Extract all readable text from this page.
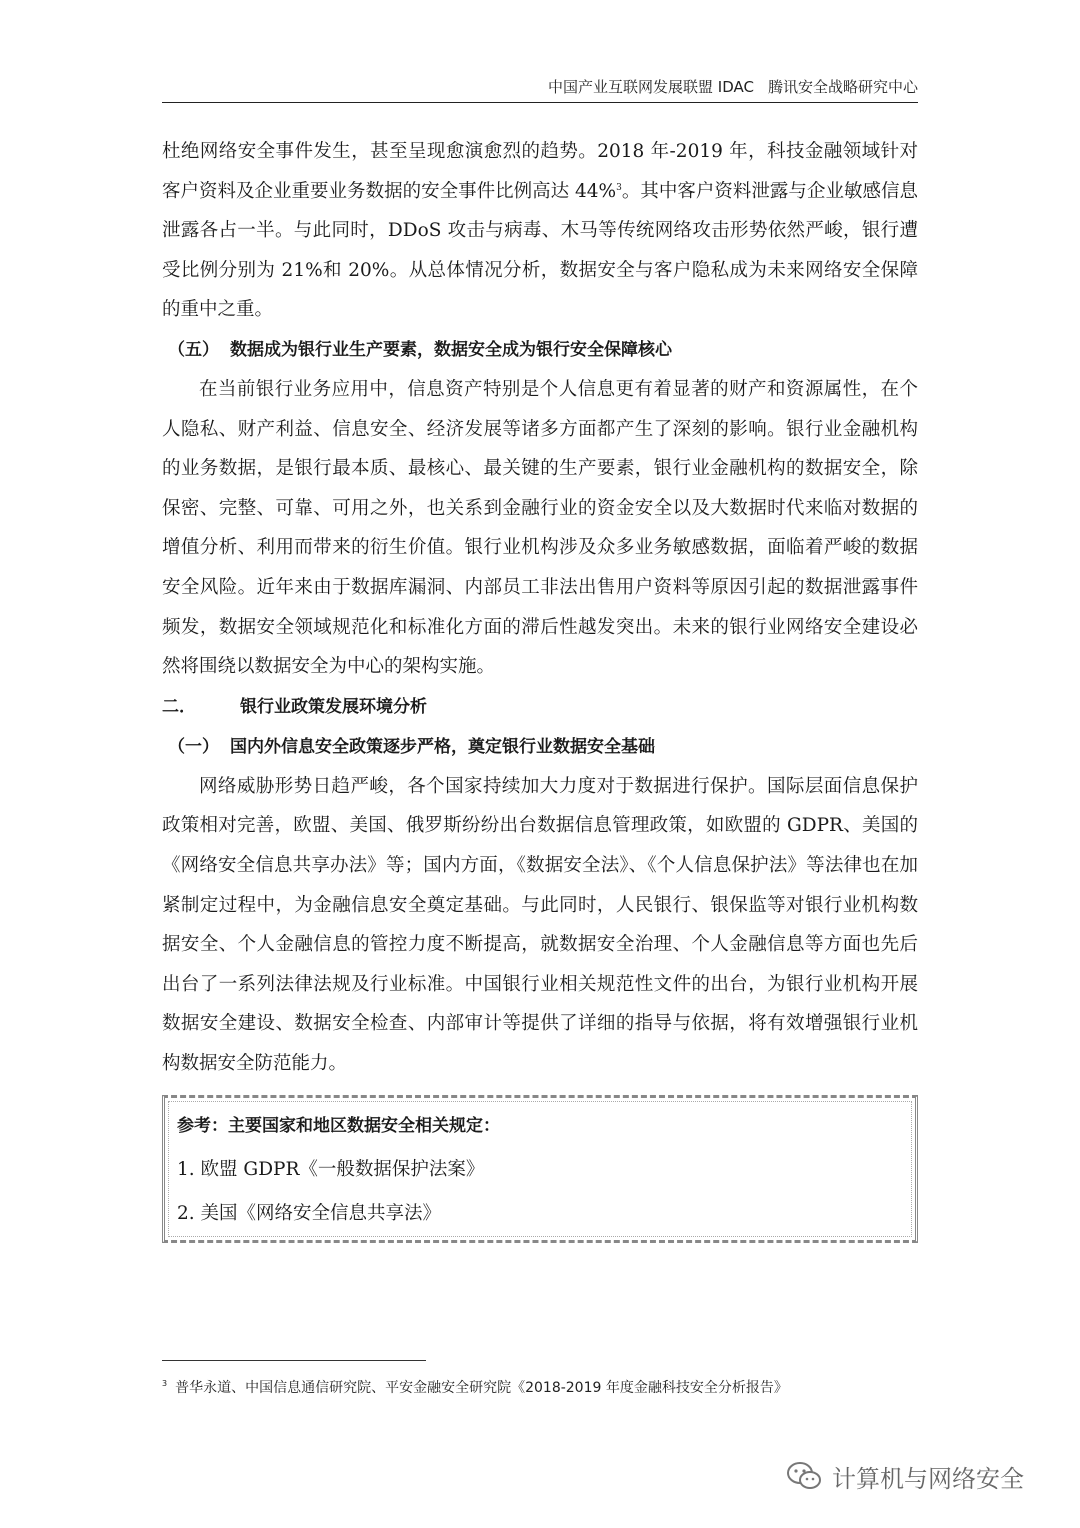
中国产业互联网发展联盟 IDAC 腾讯安全战略研究中心

杜绝网络安全事件发生，甚至呈现愈演愈烈的趋势。2018 年-2019 年，科技金融领域针对客户资料及企业重要业务数据的安全事件比例高达 44%$^3$。其中客户资料泄露与企业敏感信息泄露各占一半。与此同时，DDoS 攻击与病毒、木马等传统网络攻击形势依然严峻，银行遭受比例分别为 21%和 20%。从总体情况分析，数据安全与客户隐私成为未来网络安全保障的重中之重。

（五） 数据成为银行业生产要素，数据安全成为银行安全保障核心

在当前银行业务应用中，信息资产特别是个人信息更有着显著的财产和资源属性，在个人隐私、财产利益、信息安全、经济发展等诸多方面都产生了深刻的影响。银行业金融机构的业务数据，是银行最本质、最核心、最关键的生产要素，银行业金融机构的数据安全，除保密、完整、可靠、可用之外，也关系到金融行业的资金安全以及大数据时代来临对数据的增值分析、利用而带来的衍生价值。银行业机构涉及众多业务敏感数据，面临着严峻的数据安全风险。近年来由于数据库漏洞、内部员工非法出售用户资料等原因引起的数据泄露事件频发，数据安全领域规范化和标准化方面的滞后性越发突出。未来的银行业网络安全建设必然将围绕以数据安全为中心的架构实施。

二．	银行业政策发展环境分析
（一） 国内外信息安全政策逐步严格，奠定银行业数据安全基础

网络威胁形势日趋严峻，各个国家持续加大力度对于数据进行保护。国际层面信息保护政策相对完善，欧盟、美国、俄罗斯纷纷出台数据信息管理政策，如欧盟的 GDPR、美国的《网络安全信息共享办法》等；国内方面，《数据安全法》、《个人信息保护法》等法律也在加紧制定过程中，为金融信息安全奠定基础。与此同时，人民银行、银保监等对银行业机构数据安全、个人金融信息的管控力度不断提高，就数据安全治理、个人金融信息等方面也先后出台了一系列法律法规及行业标准。中国银行业相关规范性文件的出台，为银行业机构开展数据安全建设、数据安全检查、内部审计等提供了详细的指导与依据，将有效增强银行业机构数据安全防范能力。

参考：主要国家和地区数据安全相关规定：
1. 欧盟 GDPR《一般数据保护法案》
2. 美国《网络安全信息共享法》
$^3$ 普华永道、中国信息通信研究院、平安金融安全研究院《2018-2019 年度金融科技安全分析报告》
计算机与网络安全
